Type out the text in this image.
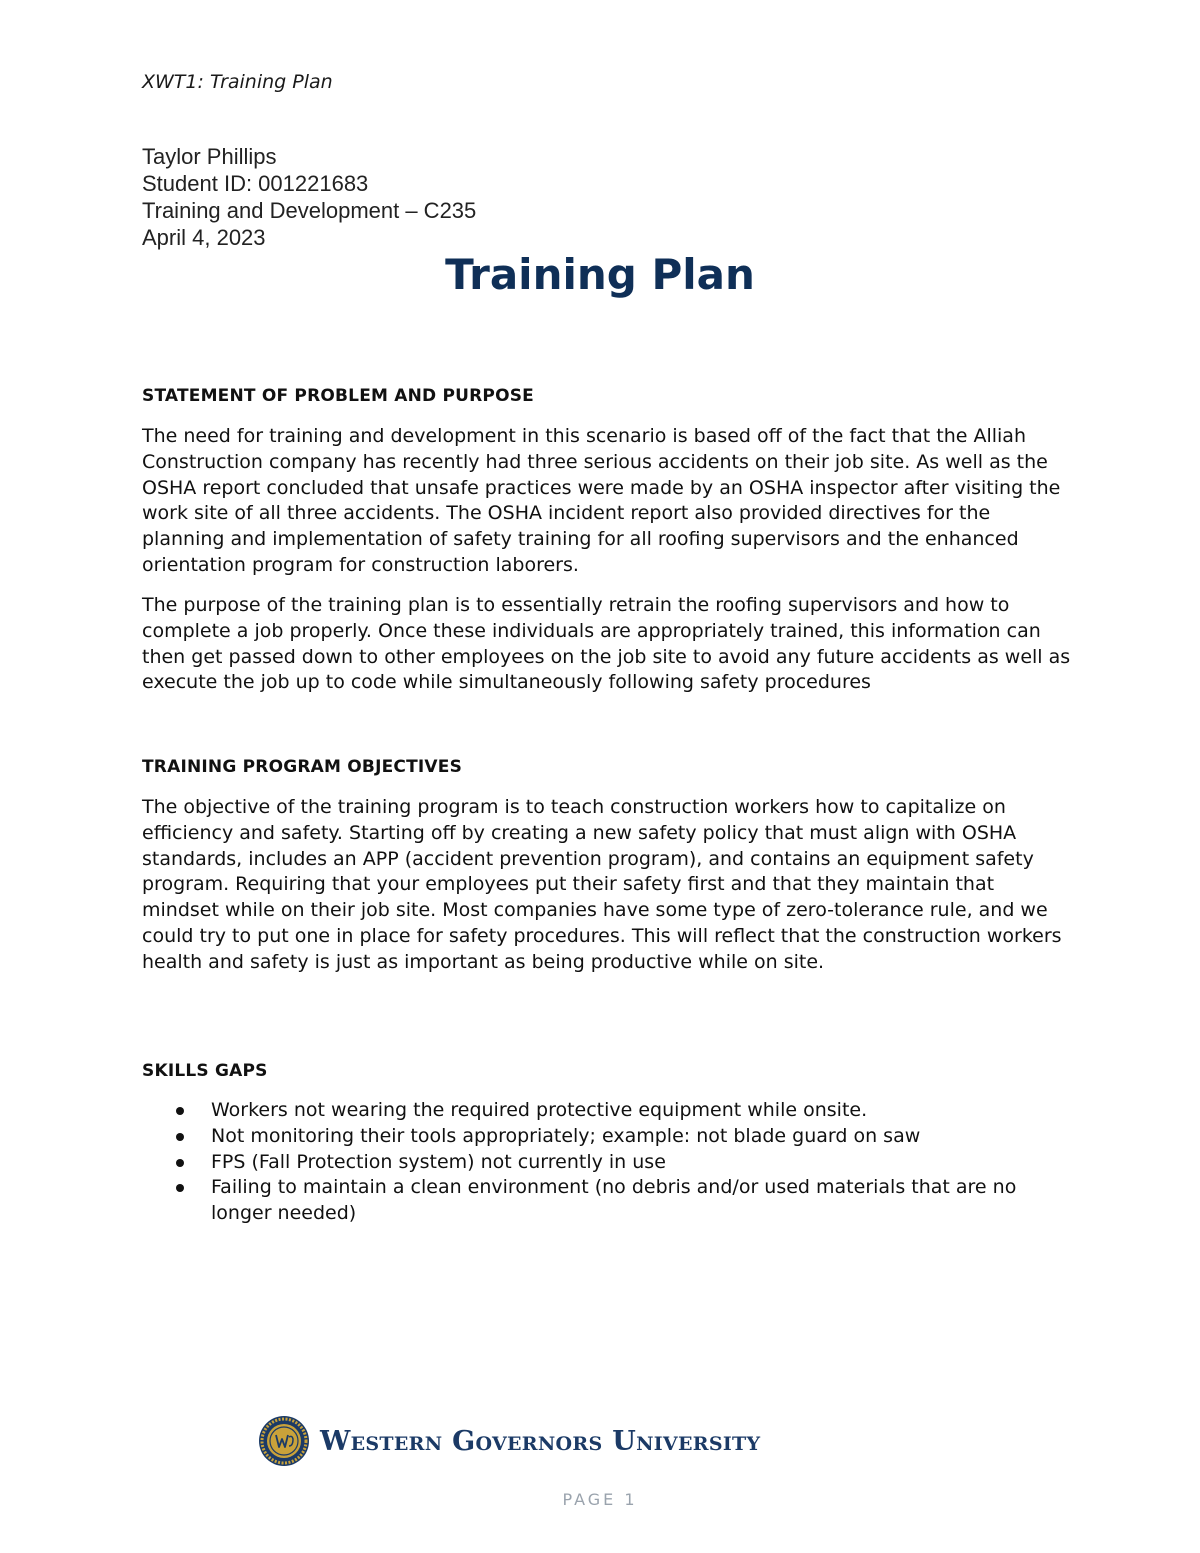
XWT1: Training Plan
Taylor Phillips
Student ID: 001221683
Training and Development – C235
April 4, 2023
Training Plan
STATEMENT OF PROBLEM AND PURPOSE

The need for training and development in this scenario is based off of the fact that the Alliah Construction company has recently had three serious accidents on their job site. As well as the OSHA report concluded that unsafe practices were made by an OSHA inspector after visiting the work site of all three accidents. The OSHA incident report also provided directives for the planning and implementation of safety training for all roofing supervisors and the enhanced orientation program for construction laborers.

The purpose of the training plan is to essentially retrain the roofing supervisors and how to complete a job properly. Once these individuals are appropriately trained, this information can then get passed down to other employees on the job site to avoid any future accidents as well as execute the job up to code while simultaneously following safety procedures

TRAINING PROGRAM OBJECTIVES

The objective of the training program is to teach construction workers how to capitalize on efficiency and safety. Starting off by creating a new safety policy that must align with OSHA standards, includes an APP (accident prevention program), and contains an equipment safety program. Requiring that your employees put their safety first and that they maintain that mindset while on their job site. Most companies have some type of zero-tolerance rule, and we could try to put one in place for safety procedures. This will reflect that the construction workers health and safety is just as important as being productive while on site.

SKILLS GAPS
Workers not wearing the required protective equipment while onsite.
Not monitoring their tools appropriately; example: not blade guard on saw
FPS (Fall Protection system) not currently in use
Failing to maintain a clean environment (no debris and/or used materials that are no longer needed)
Western Governors University
PAGE 1
